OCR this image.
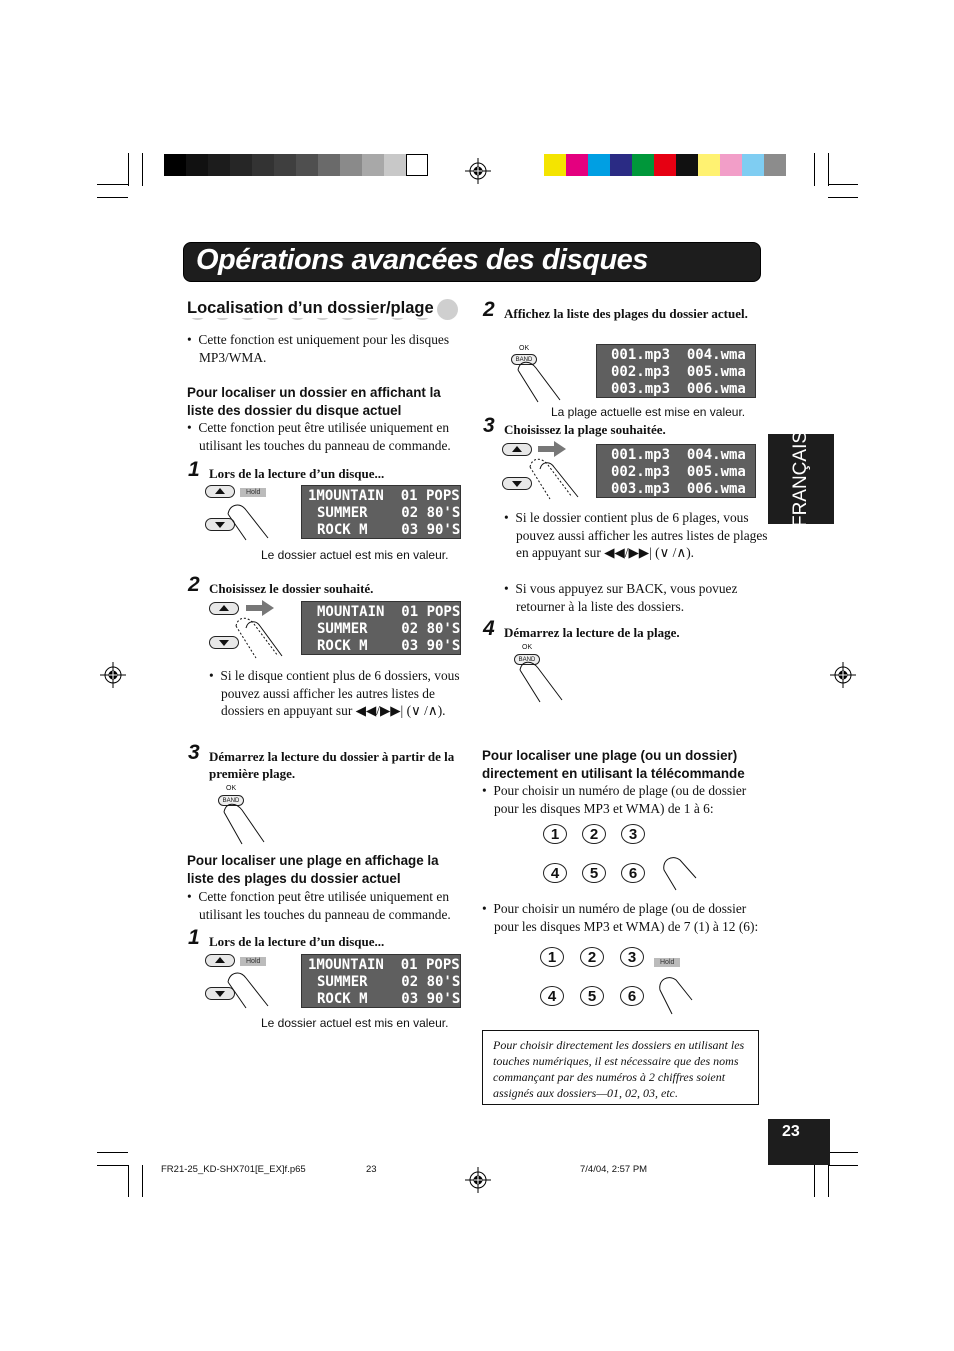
Opérations avancées des disques
FRANÇAIS
Localisation d’un dossier/plage
•  Cette fonction est uniquement pour les disques MP3/WMA.
Pour localiser un dossier en affichant la
liste des dossier du disque actuel
•  Cette fonction peut être utilisée uniquement en utilisant les touches du panneau de commande.
1 Lors de la lecture d’un disque...
Hold	1MOUNTAIN  01 POPS
SUMMER    02 80'S
ROCK M    03 90'S
Le dossier actuel est mis en valeur.
2 Choisissez le dossier souhaité.
MOUNTAIN  01 POPS
SUMMER    02 80'S
ROCK M    03 90'S
•  Si le disque contient plus de 6 dossiers, vous pouvez aussi afficher les autres listes de dossiers en appuyant sur ◀◀/▶▶| (∨ /∧).
3 Démarrez la lecture du dossier à partir de la première plage.
OK
BAND
Pour localiser une plage en affichage la
liste des plages du dossier actuel
•  Cette fonction peut être utilisée uniquement en utilisant les touches du panneau de commande.
1 Lors de la lecture d’un disque...
Hold	1MOUNTAIN  01 POPS
SUMMER    02 80'S
ROCK M    03 90'S
Le dossier actuel est mis en valeur.
2 Affichez la liste des plages du dossier actuel.
OK
BAND	001.mp3  004.wma
002.mp3  005.wma
003.mp3  006.wma
La plage actuelle est mise en valeur.
3 Choisissez la plage souhaitée.
001.mp3  004.wma
002.mp3  005.wma
003.mp3  006.wma
•  Si le dossier contient plus de 6 plages, vous pouvez aussi afficher les autres listes de plages en appuyant sur ◀◀/▶▶| (∨ /∧).
•  Si vous appuyez sur BACK, vous povuez retourner à la liste des dossiers.
4 Démarrez la lecture de la plage.
OK
BAND
Pour localiser une plage (ou un dossier)
directement en utilisant la télécommande
•  Pour choisir un numéro de plage (ou de dossier pour les disques MP3 et WMA) de 1 à 6:
1	2	3
4	5	6
•  Pour choisir un numéro de plage (ou de dossier pour les disques MP3 et WMA) de 7 (1) à 12 (6):
1	2	3
4	5	6
Hold
Pour choisir directement les dossiers en utilisant les touches numériques, il est nécessaire que des noms commançant par des numéros à 2 chiffres soient assignés aux dossiers—01, 02, 03, etc.
23
FR21-25_KD-SHX701[E_EX]f.p65	23	7/4/04, 2:57 PM
